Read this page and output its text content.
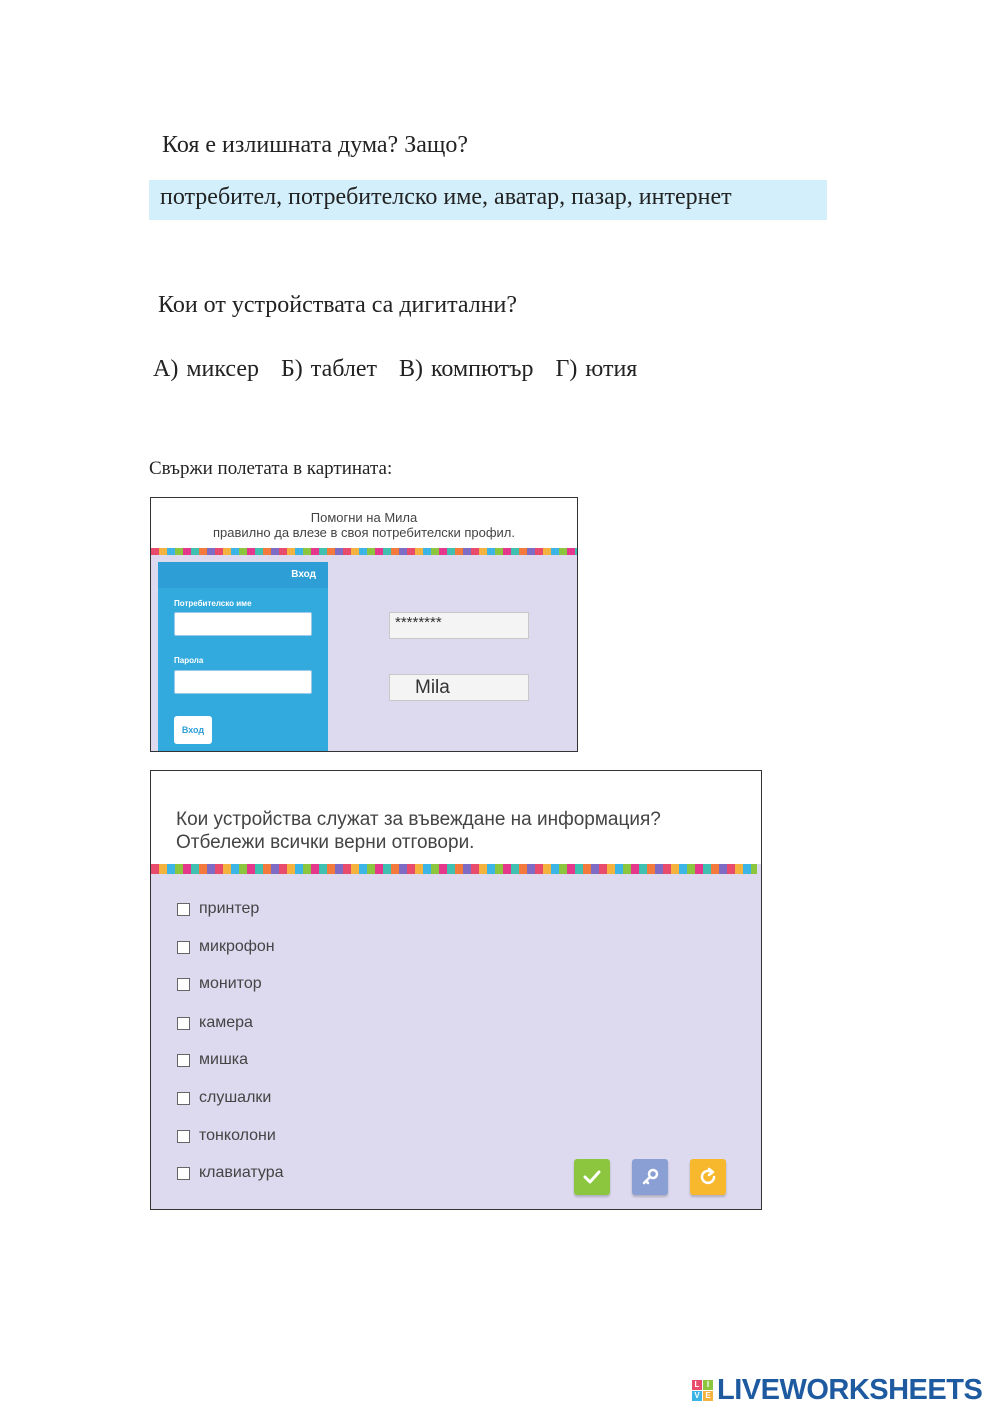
Коя е излишната дума? Защо?
потребител, потребителско име, аватар, пазар, интернет
Кои от устройствата са дигитални?
А) миксер Б) таблет В) компютър Г) ютия
Свържи полетата в картината:
Помогни на Мила
правилно да влезе в своя потребителски профил.
Вход
Потребителско име
Парола
Вход
********
Mila
Кои устройства служат за въвеждане на информация?
Отбележи всички верни отговори.
принтер
микрофон
монитор
камера
мишка
слушалки
тонколони
клавиатура
L I
V E LIVEWORKSHEETS
